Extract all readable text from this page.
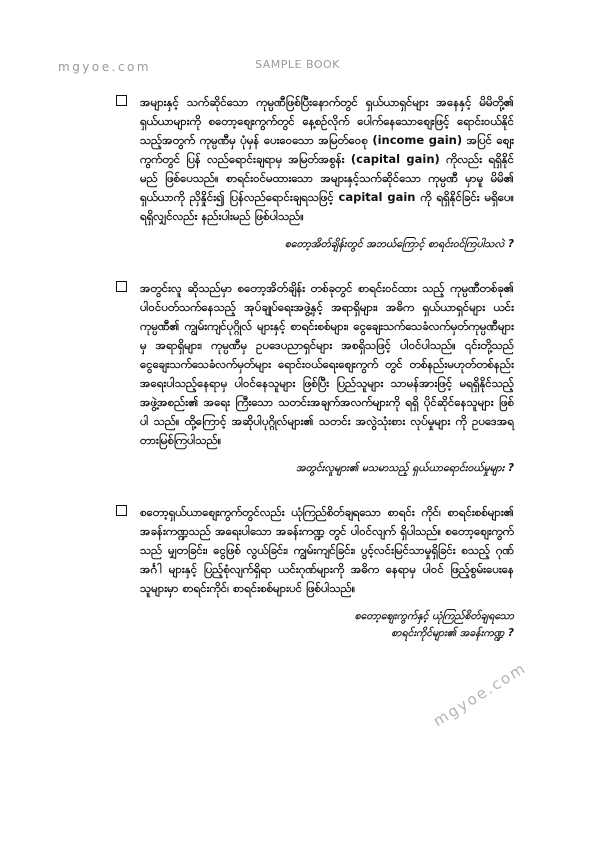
mgyoe.com	SAMPLE BOOK
အများနှင့် သက်ဆိုင်သော ကုမ္ပဏီဖြစ်ပြီးနောက်တွင် ရှယ်ယာရှင်များ အနေနှင့် မိမိတို့၏ ရှယ်ယာများကို စတော့စျေးကွက်တွင် နေ့စဉ်လိုက် ပေါက်နေသောစျေးဖြင့် ရောင်းဝယ်နိုင်သည့်အတွက် ကုမ္ပဏီမှ ပုံမှန် ပေးဝေသော အမြတ်ဝေစု (income gain) အပြင် စျေးကွက်တွင် ပြန် လည်ရောင်းချရာမှ အမြတ်အစွန်း (capital gain) ကိုလည်း ရရှိနိုင်မည် ဖြစ်ပေသည်။ စာရင်းဝင်မထားသော အများနှင့်သက်ဆိုင်သော ကုမ္ပဏီ မှာမူ မိမိ၏ ရှယ်ယာကို ညှိနှိုင်း၍ ပြန်လည်ရောင်းချရသဖြင့် capital gain ကို ရရှိနိုင်ခြင်း မရှိပေ။ ရရှိလျှင်လည်း နည်းပါးမည် ဖြစ်ပါသည်။
စတော့အိတ်ချိန်းတွင် အဘယ်ကြောင့် စာရင်းဝင်ကြပါသလဲ ?
အတွင်းလူ ဆိုသည်မှာ စတော့အိတ်ချိန်း တစ်ခုတွင် စာရင်းဝင်ထား သည့် ကုမ္ပဏီတစ်ခု၏ ပါဝင်ပတ်သက်နေသည့် အုပ်ချုပ်ရေးအဖွဲ့နှင့် အရာရှိများ၊ အဓိက ရှယ်ယာရှင်များ ယင်းကုမ္ပဏီ၏ ကျွမ်းကျင်ပုဂ္ဂိုလ် များနှင့် စာရင်းစစ်များ၊ ငွေချေးသက်သေခံလက်မှတ်ကုမ္ပဏီများမှ အရာရှိများ၊ ကုမ္ပဏီမှ ဥပဒေပညာရှင်များ အစရှိသဖြင့် ပါဝင်ပါသည်။ ၎င်းတို့သည် ငွေချေးသက်သေခံလက်မှတ်များ ရောင်းဝယ်ရေးစျေးကွက် တွင် တစ်နည်းမဟုတ်တစ်နည်း အရေးပါသည့်နေရာမှ ပါဝင်နေသူများ ဖြစ်ပြီး ပြည်သူများ သာမန်အားဖြင့် မရရှိနိုင်သည့် အဖွဲ့အစည်း၏ အရေး ကြီးသော သတင်းအချက်အလက်များကို ရရှိ ပိုင်ဆိုင်နေသူများ ဖြစ်ပါ သည်။ ထို့ကြောင့် အဆိုပါပုဂ္ဂိုလ်များ၏ သတင်း အလွဲသုံးစား လုပ်မှုများ ကို ဥပဒေအရ တားမြစ်ကြပါသည်။
အတွင်းလူများ၏ မသမာသည့် ရှယ်ယာရောင်းဝယ်မှုများ ?
စတော့ရှယ်ယာစျေးကွက်တွင်လည်း ယုံကြည်စိတ်ချရသော စာရင်း ကိုင်၊ စာရင်းစစ်များ၏ အခန်းကဏ္ဍသည် အရေးပါသော အခန်းကဏ္ဍ တွင် ပါဝင်လျက် ရှိပါသည်။ စတော့စျေးကွက်သည် မျှတခြင်း၊ ငွေဖြစ် လွယ်ခြင်း၊ ကျွမ်းကျင်ခြင်း၊ ပွင့်လင်းမြင်သာမှုရှိခြင်း စသည့် ဂုဏ်အင်္ဂါ များနှင့် ပြည့်စုံလျက်ရှိရာ ယင်းဂုဏ်များကို အဓိက နေရာမှ ပါဝင် ဖြည့်စွမ်းပေးနေသူများမှာ စာရင်းကိုင်၊ စာရင်းစစ်များပင် ဖြစ်ပါသည်။
စတော့စျေးကွက်နှင့် ယုံကြည်စိတ်ချရသော
စာရင်းကိုင်များ၏ အခန်းကဏ္ဍ ?
mgyoe.com
